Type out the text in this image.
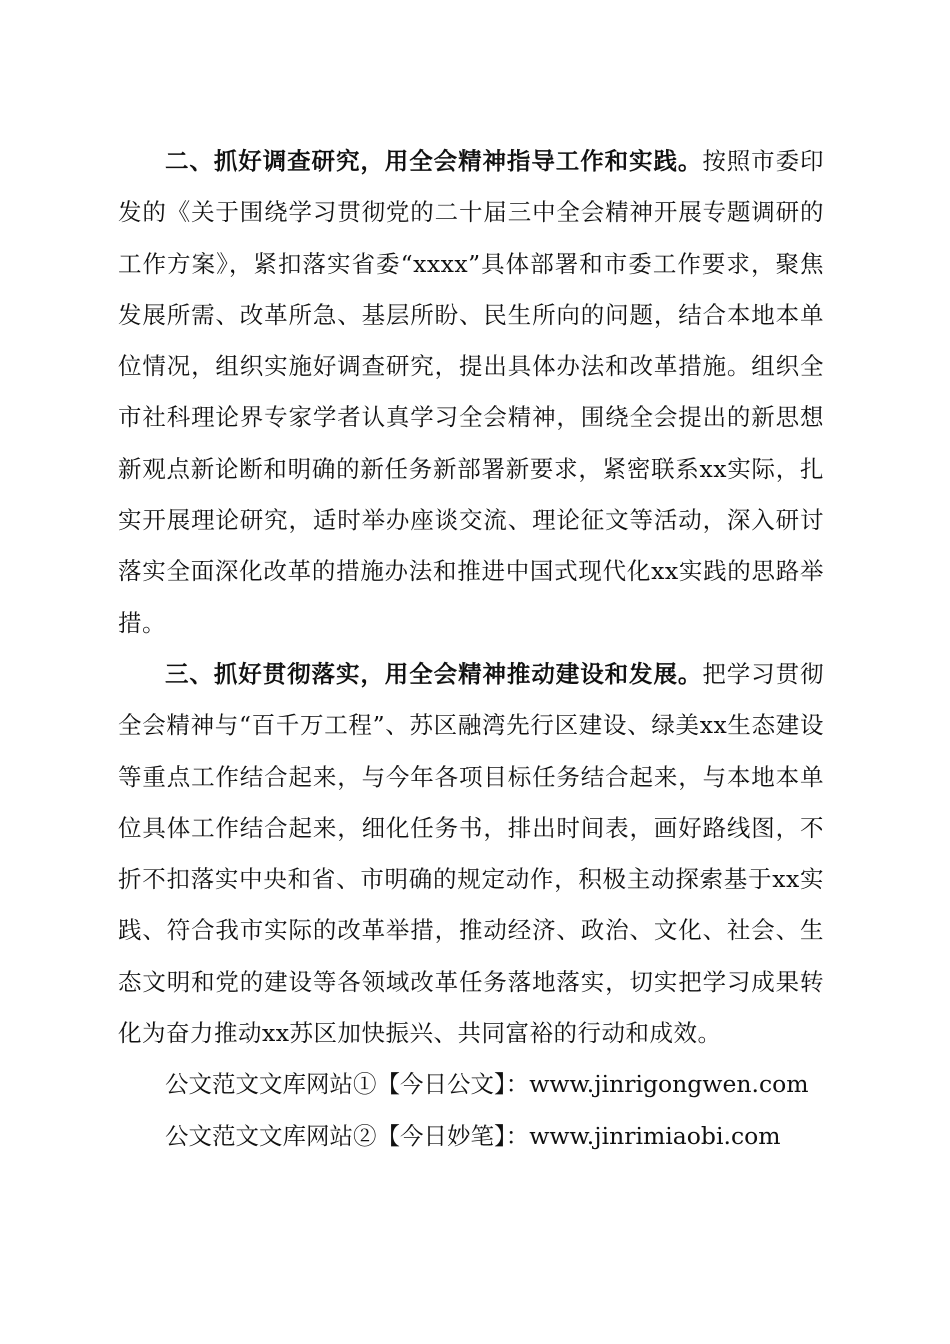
二、抓好调查研究，用全会精神指导工作和实践。按照市委印发的《关于围绕学习贯彻党的二十届三中全会精神开展专题调研的工作方案》，紧扣落实省委“xxxx”具体部署和市委工作要求，聚焦发展所需、改革所急、基层所盼、民生所向的问题，结合本地本单位情况，组织实施好调查研究，提出具体办法和改革措施。组织全市社科理论界专家学者认真学习全会精神，围绕全会提出的新思想新观点新论断和明确的新任务新部署新要求，紧密联系xx实际，扎实开展理论研究，适时举办座谈交流、理论征文等活动，深入研讨落实全面深化改革的措施办法和推进中国式现代化xx实践的思路举措。

三、抓好贯彻落实，用全会精神推动建设和发展。把学习贯彻全会精神与“百千万工程”、苏区融湾先行区建设、绿美xx生态建设等重点工作结合起来，与今年各项目标任务结合起来，与本地本单位具体工作结合起来，细化任务书，排出时间表，画好路线图，不折不扣落实中央和省、市明确的规定动作，积极主动探索基于xx实践、符合我市实际的改革举措，推动经济、政治、文化、社会、生态文明和党的建设等各领域改革任务落地落实，切实把学习成果转化为奋力推动xx苏区加快振兴、共同富裕的行动和成效。

公文范文文库网站①【今日公文】：www.jinrigongwen.com

公文范文文库网站②【今日妙笔】：www.jinrimiaobi.com
